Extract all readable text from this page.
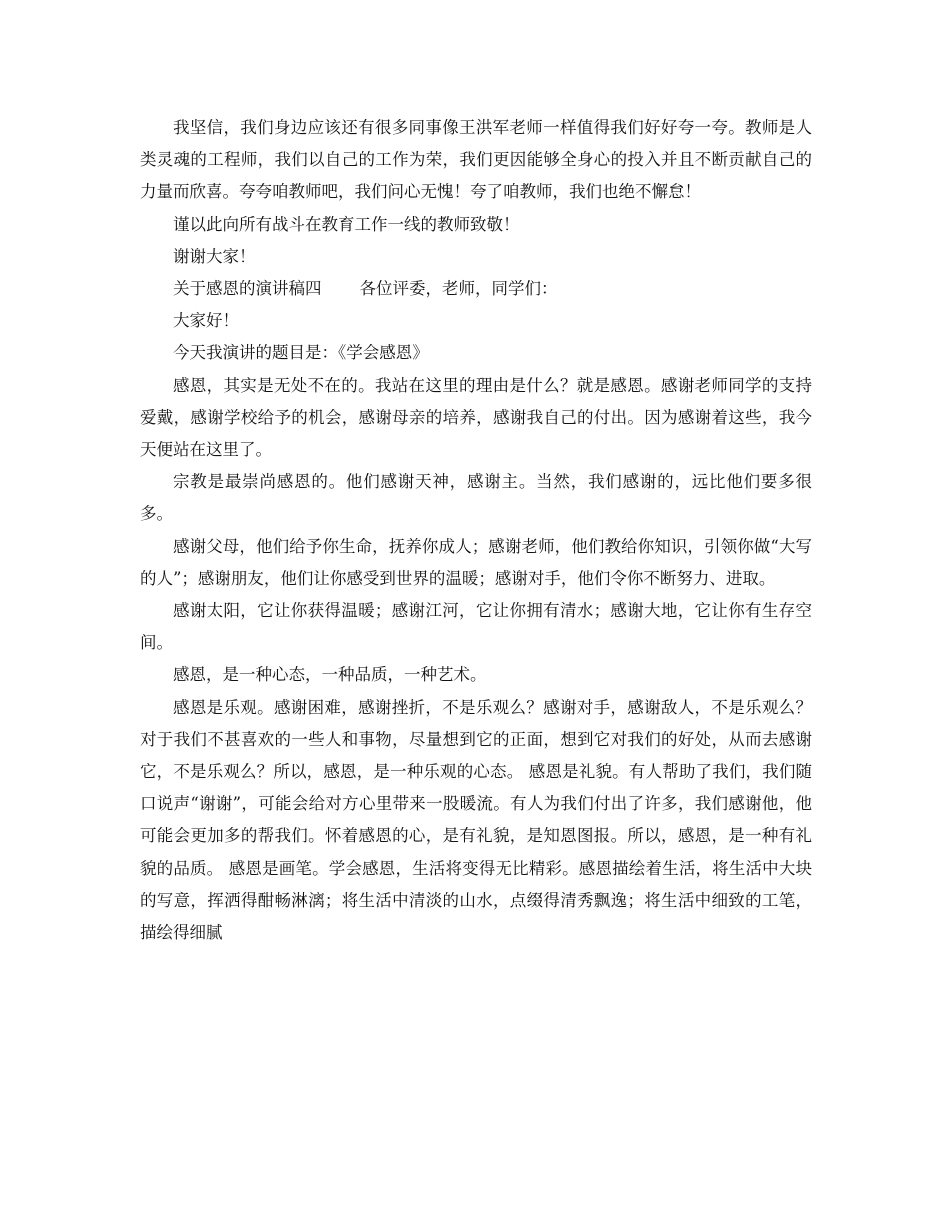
我坚信，我们身边应该还有很多同事像王洪军老师一样值得我们好好夸一夸。教师是人类灵魂的工程师，我们以自己的工作为荣，我们更因能够全身心的投入并且不断贡献自己的力量而欣喜。夸夸咱教师吧，我们问心无愧！夸了咱教师，我们也绝不懈怠！

谨以此向所有战斗在教育工作一线的教师致敬！

谢谢大家！

关于感恩的演讲稿四 各位评委，老师，同学们：

大家好！

今天我演讲的题目是：《学会感恩》

感恩，其实是无处不在的。我站在这里的理由是什么？就是感恩。感谢老师同学的支持爱戴，感谢学校给予的机会，感谢母亲的培养，感谢我自己的付出。因为感谢着这些，我今天便站在这里了。

宗教是最崇尚感恩的。他们感谢天神，感谢主。当然，我们感谢的，远比他们要多很多。

感谢父母，他们给予你生命，抚养你成人；感谢老师，他们教给你知识，引领你做“大写的人”；感谢朋友，他们让你感受到世界的温暖；感谢对手，他们令你不断努力、进取。

感谢太阳，它让你获得温暖；感谢江河，它让你拥有清水；感谢大地，它让你有生存空间。

感恩，是一种心态，一种品质，一种艺术。

感恩是乐观。感谢困难，感谢挫折，不是乐观么？感谢对手，感谢敌人，不是乐观么？对于我们不甚喜欢的一些人和事物，尽量想到它的正面，想到它对我们的好处，从而去感谢它，不是乐观么？所以，感恩，是一种乐观的心态。 感恩是礼貌。有人帮助了我们，我们随口说声“谢谢”，可能会给对方心里带来一股暖流。有人为我们付出了许多，我们感谢他，他可能会更加多的帮我们。怀着感恩的心，是有礼貌，是知恩图报。所以，感恩，是一种有礼貌的品质。 感恩是画笔。学会感恩，生活将变得无比精彩。感恩描绘着生活，将生活中大块的写意，挥洒得酣畅淋漓；将生活中清淡的山水，点缀得清秀飘逸；将生活中细致的工笔，描绘得细腻
